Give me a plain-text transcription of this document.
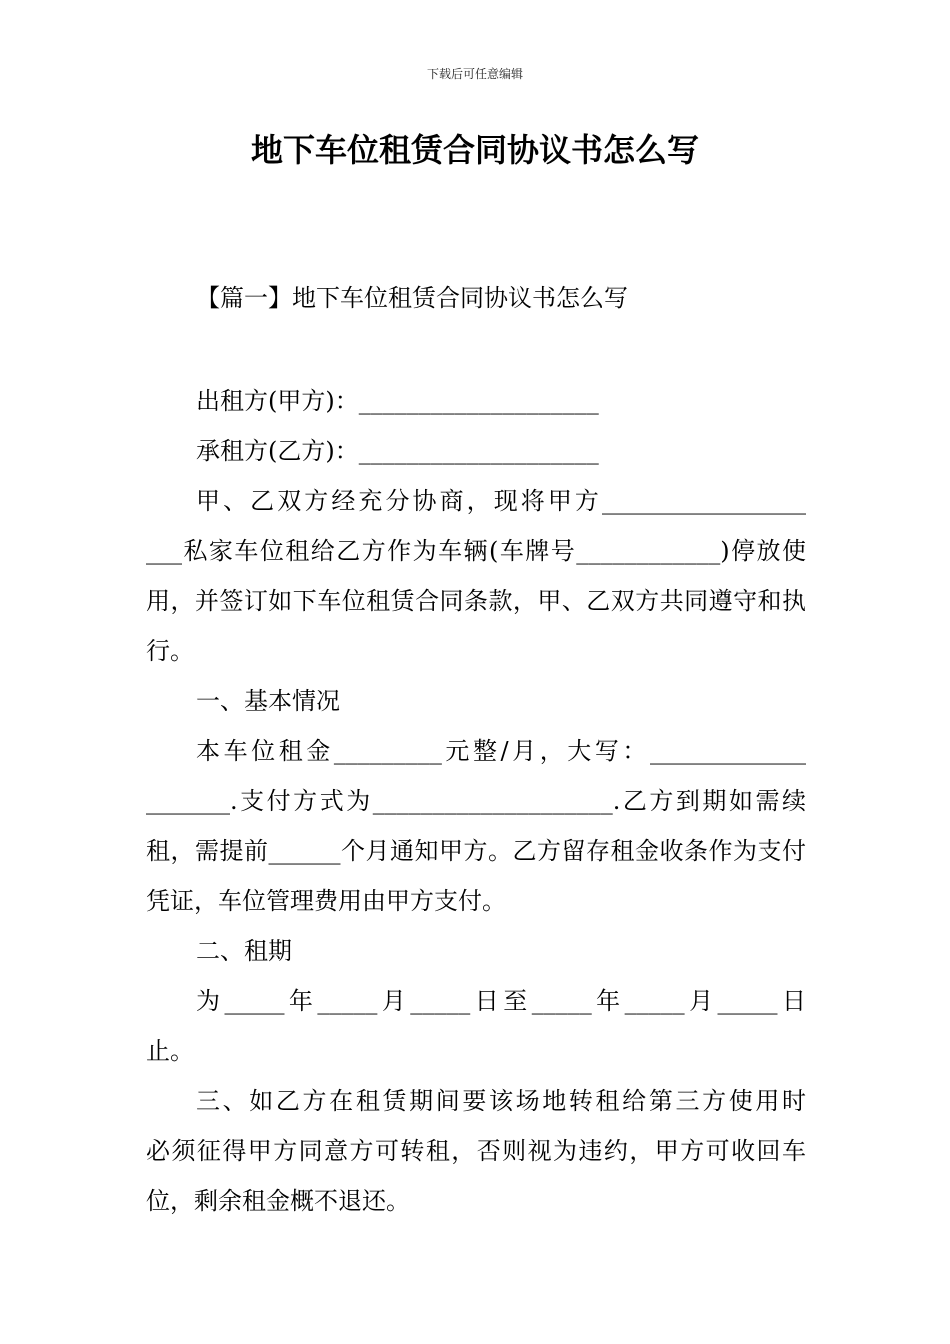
下载后可任意编辑
地下车位租赁合同协议书怎么写
【篇一】地下车位租赁合同协议书怎么写

出租方(甲方)：____________________

承租方(乙方)：____________________

甲、乙双方经充分协商，现将甲方_________________

___私家车位租给乙方作为车辆(车牌号____________)停放使用，并签订如下车位租赁合同条款，甲、乙双方共同遵守和执行。

一、基本情况

本车位租金_________元整/月，大写：_____________

_______.支付方式为____________________.乙方到期如需续租，需提前______个月通知甲方。乙方留存租金收条作为支付凭证，车位管理费用由甲方支付。

二、租期

为_____年_____月_____日至_____年_____月_____日

止。

三、如乙方在租赁期间要该场地转租给第三方使用时

必须征得甲方同意方可转租，否则视为违约，甲方可收回车位，剩余租金概不退还。
